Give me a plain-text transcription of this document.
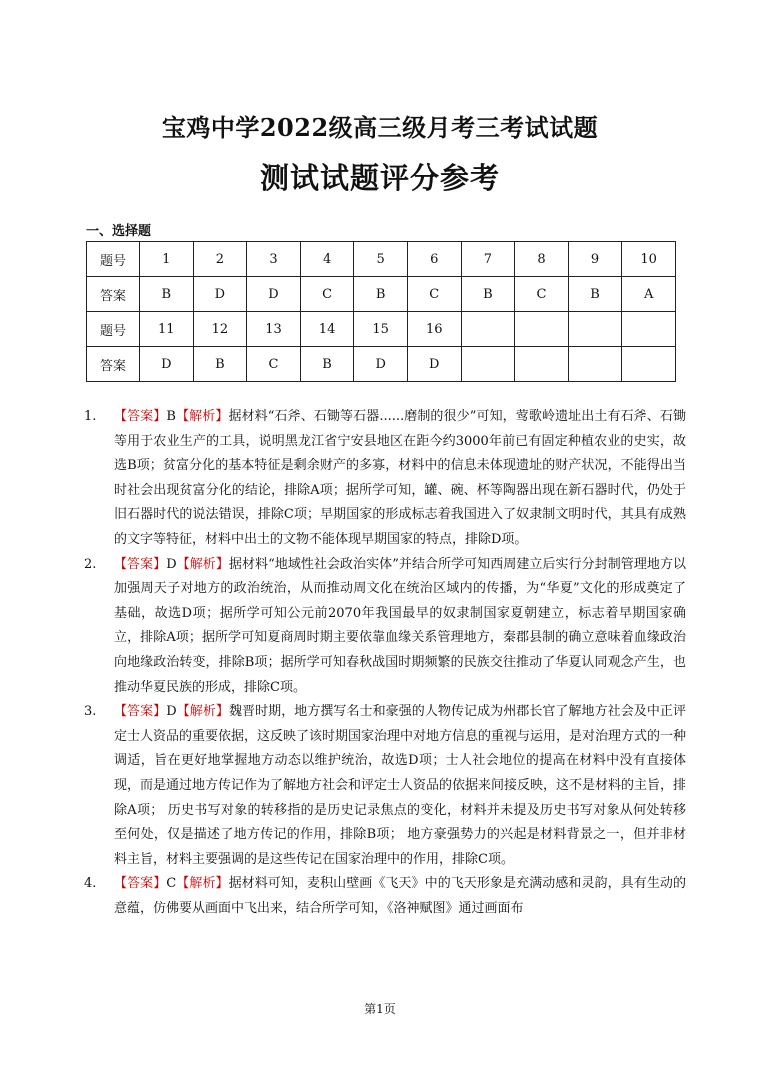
宝鸡中学2022级高三级月考三考试试题
测试试题评分参考
一、选择题
题号	1	2	3	4	5	6	7	8	9	10
答案	B	D	D	C	B	C	B	C	B	A
题号	11	12	13	14	15	16				
答案	D	B	C	B	D	D				
1. 【答案】B【解析】据材料“石斧、石锄等石器......磨制的很少”可知，莺歌岭遗址出土有石斧、石锄等用于农业生产的工具，说明黑龙江省宁安县地区在距今约3000年前已有固定种植农业的史实，故选B项；贫富分化的基本特征是剩余财产的多寡，材料中的信息未体现遗址的财产状况，不能得出当时社会出现贫富分化的结论，排除A项；据所学可知，罐、碗、杯等陶器出现在新石器时代，仍处于旧石器时代的说法错误，排除C项；早期国家的形成标志着我国进入了奴隶制文明时代，其具有成熟的文字等特征，材料中出土的文物不能体现早期国家的特点，排除D项。
2. 【答案】D【解析】据材料“地域性社会政治实体”并结合所学可知西周建立后实行分封制管理地方以加强周天子对地方的政治统治，从而推动周文化在统治区域内的传播，为“华夏”文化的形成奠定了基础，故选D项；据所学可知公元前2070年我国最早的奴隶制国家夏朝建立，标志着早期国家确立，排除A项；据所学可知夏商周时期主要依靠血缘关系管理地方，秦郡县制的确立意味着血缘政治向地缘政治转变，排除B项；据所学可知春秋战国时期频繁的民族交往推动了华夏认同观念产生，也推动华夏民族的形成，排除C项。
3. 【答案】D【解析】魏晋时期，地方撰写名士和豪强的人物传记成为州郡长官了解地方社会及中正评定士人资品的重要依据，这反映了该时期国家治理中对地方信息的重视与运用，是对治理方式的一种调适，旨在更好地掌握地方动态以维护统治，故选D项；士人社会地位的提高在材料中没有直接体现，而是通过地方传记作为了解地方社会和评定士人资品的依据来间接反映，这不是材料的主旨，排除A项； 历史书写对象的转移指的是历史记录焦点的变化，材料并未提及历史书写对象从何处转移至何处，仅是描述了地方传记的作用，排除B项； 地方豪强势力的兴起是材料背景之一，但并非材料主旨，材料主要强调的是这些传记在国家治理中的作用，排除C项。
4. 【答案】C【解析】据材料可知，麦积山壁画《飞天》中的飞天形象是充满动感和灵韵，具有生动的意蕴，仿佛要从画面中飞出来，结合所学可知，《洛神赋图》通过画面布
第1页
